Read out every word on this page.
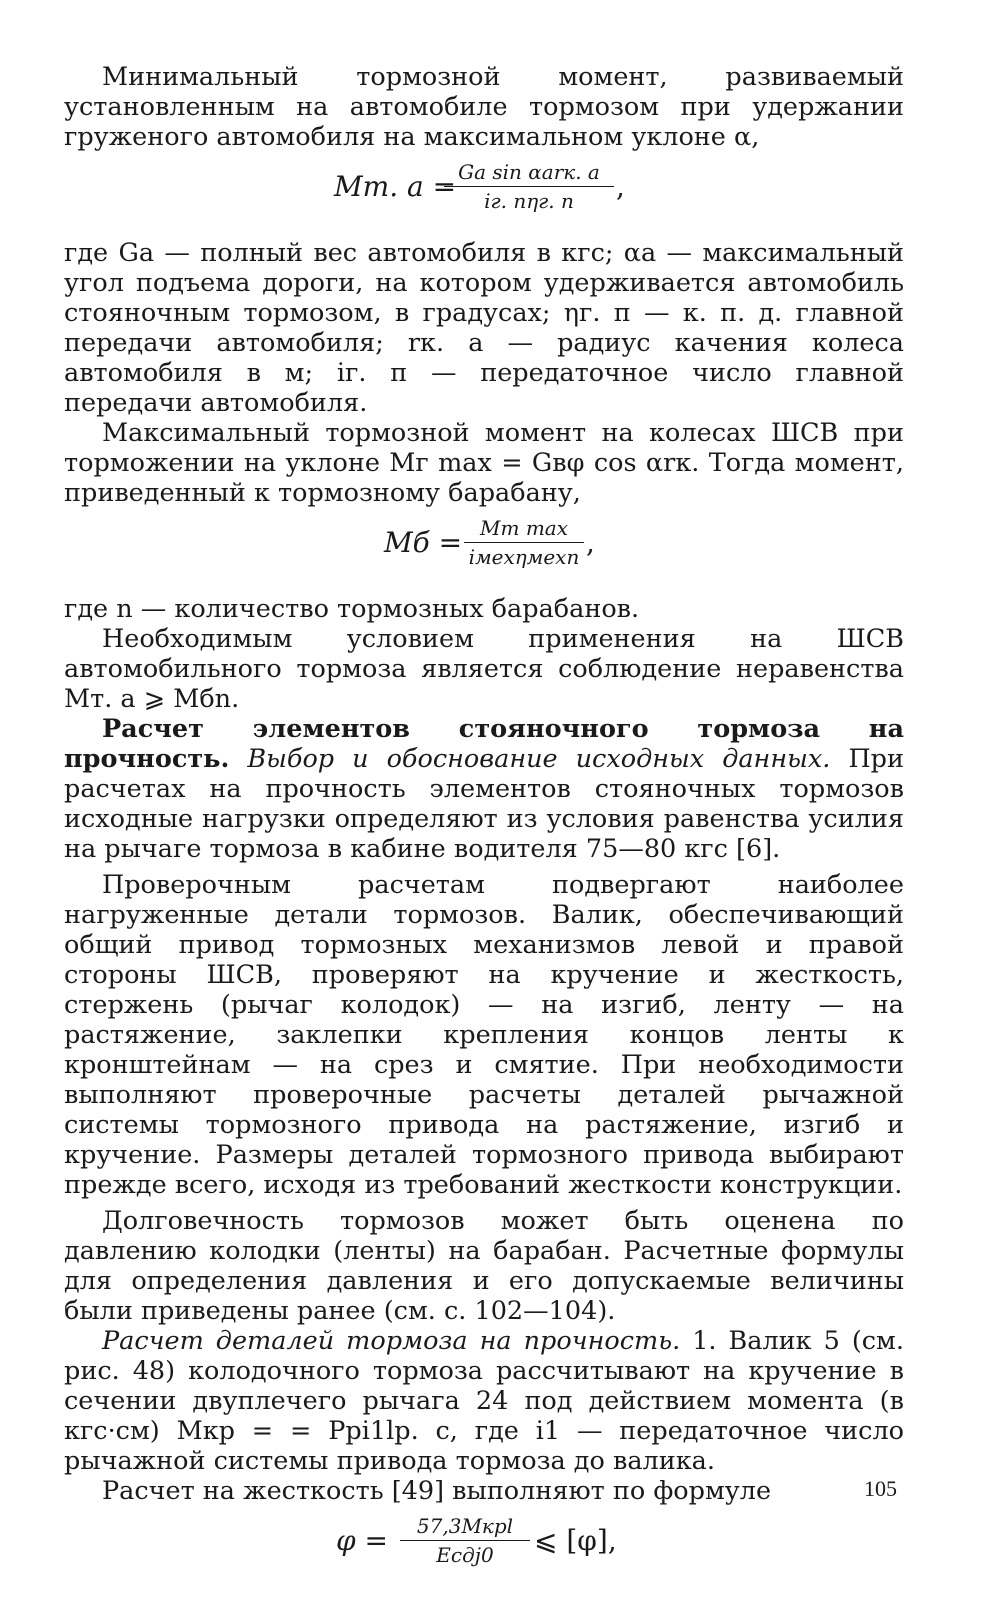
Минимальный тормозной момент, развиваемый установленным на автомобиле тормозом при удержании груженого автомобиля на максимальном уклоне α,

Mт. а = Gа sin αаrк. а
iг. пηг. п	,

где Gа — полный вес автомобиля в кгс; αа — максимальный угол подъема дороги, на котором удерживается автомобиль стояночным тормозом, в градусах; ηг. п — к. п. д. главной передачи автомобиля; rк. а — радиус качения колеса автомобиля в м; iг. п — передаточное число главной передачи автомобиля.

Максимальный тормозной момент на колесах ШСВ при торможении на уклоне Mг max = Gвφ cos αrк. Тогда момент, приведенный к тормозному барабану,

Mб = Mт max
iмехηмехn ,

где n — количество тормозных барабанов.

Необходимым условием применения на ШСВ автомобильного тормоза является соблюдение неравенства Mт. а ⩾ Mбn.

Расчет элементов стояночного тормоза на прочность. Выбор и обоснование исходных данных. При расчетах на прочность элементов стояночных тормозов исходные нагрузки определяют из условия равенства усилия на рычаге тормоза в кабине водителя 75—80 кгс [6].

Проверочным расчетам подвергают наиболее нагруженные детали тормозов. Валик, обеспечивающий общий привод тормозных механизмов левой и правой стороны ШСВ, проверяют на кручение и жесткость, стержень (рычаг колодок) — на изгиб, ленту — на растяжение, заклепки крепления концов ленты к кронштейнам — на срез и смятие. При необходимости выполняют проверочные расчеты деталей рычажной системы тормозного привода на растяжение, изгиб и кручение. Размеры деталей тормозного привода выбирают прежде всего, исходя из требований жесткости конструкции.

Долговечность тормозов может быть оценена по давлению колодки (ленты) на барабан. Расчетные формулы для определения давления и его допускаемые величины были приведены ранее (см. с. 102—104).

Расчет деталей тормоза на прочность. 1. Валик 5 (см. рис. 48) колодочного тормоза рассчитывают на кручение в сечении двуплечего рычага 24 под действием момента (в кгс·см) Mкр = = Pрi1lр. с, где i1 — передаточное число рычажной системы привода тормоза до валика.

Расчет на жесткость [49] выполняют по формуле

φ =	57,3Mкрl
Eсдj0	⩽ [φ],
105
